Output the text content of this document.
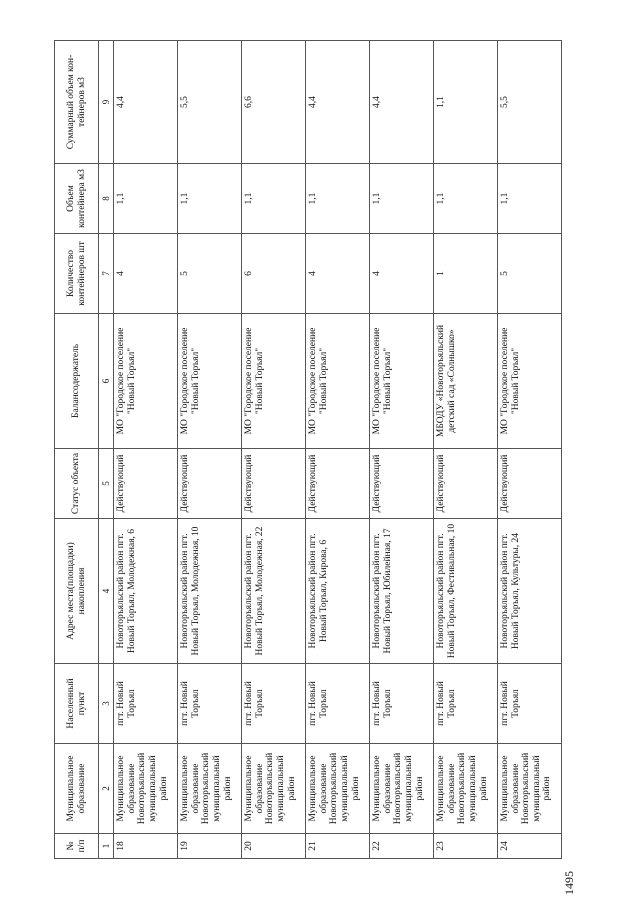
1495
№ п/п	Муниципальное образование	Населенный пункт	Адрес места(площадки) накопления	Статус объекта	Балансодержатель	Количество контейнеров шт	Объем контейнера м3	Суммарный объем кон-тейнеров м3
1	2	3	4	5	6	7	8	9
18	Муниципальное образование Новоторъяльский муниципальный район	пгт. Новый Торъял	Новоторъяльский район пгт. Новый Торъял, Молодежная, 6	Действующий	МО "Городское поселение "Новый Торъял"	4	1,1	4,4
19	Муниципальное образование Новоторъяльский муниципальный район	пгт. Новый Торъял	Новоторъяльский район пгт. Новый Торъял, Молодежная, 10	Действующий	МО "Городское поселение "Новый Торъял"	5	1,1	5,5
20	Муниципальное образование Новоторъяльский муниципальный район	пгт. Новый Торъял	Новоторъяльский район пгт. Новый Торъял, Молодежная, 22	Действующий	МО "Городское поселение "Новый Торъял"	6	1,1	6,6
21	Муниципальное образование Новоторъяльский муниципальный район	пгт. Новый Торъял	Новоторъяльский район пгт. Новый Торъял, Кирова, 6	Действующий	МО "Городское поселение "Новый Торъял"	4	1,1	4,4
22	Муниципальное образование Новоторъяльский муниципальный район	пгт. Новый Торъял	Новоторъяльский район пгт. Новый Торъял, Юбилейная, 17	Действующий	МО "Городское поселение "Новый Торъял"	4	1,1	4,4
23	Муниципальное образование Новоторъяльский муниципальный район	пгт. Новый Торъял	Новоторъяльский район пгт. Новый Торъял, Фестивальная, 10	Действующий	МБОДУ «Новоторъяльский детский сад «Солнышко»	1	1,1	1,1
24	Муниципальное образование Новоторъяльский муниципальный район	пгт. Новый Торъял	Новоторъяльский район пгт. Новый Торъял, Культуры, 24	Действующий	МО "Городское поселение "Новый Торъял"	5	1,1	5,5
